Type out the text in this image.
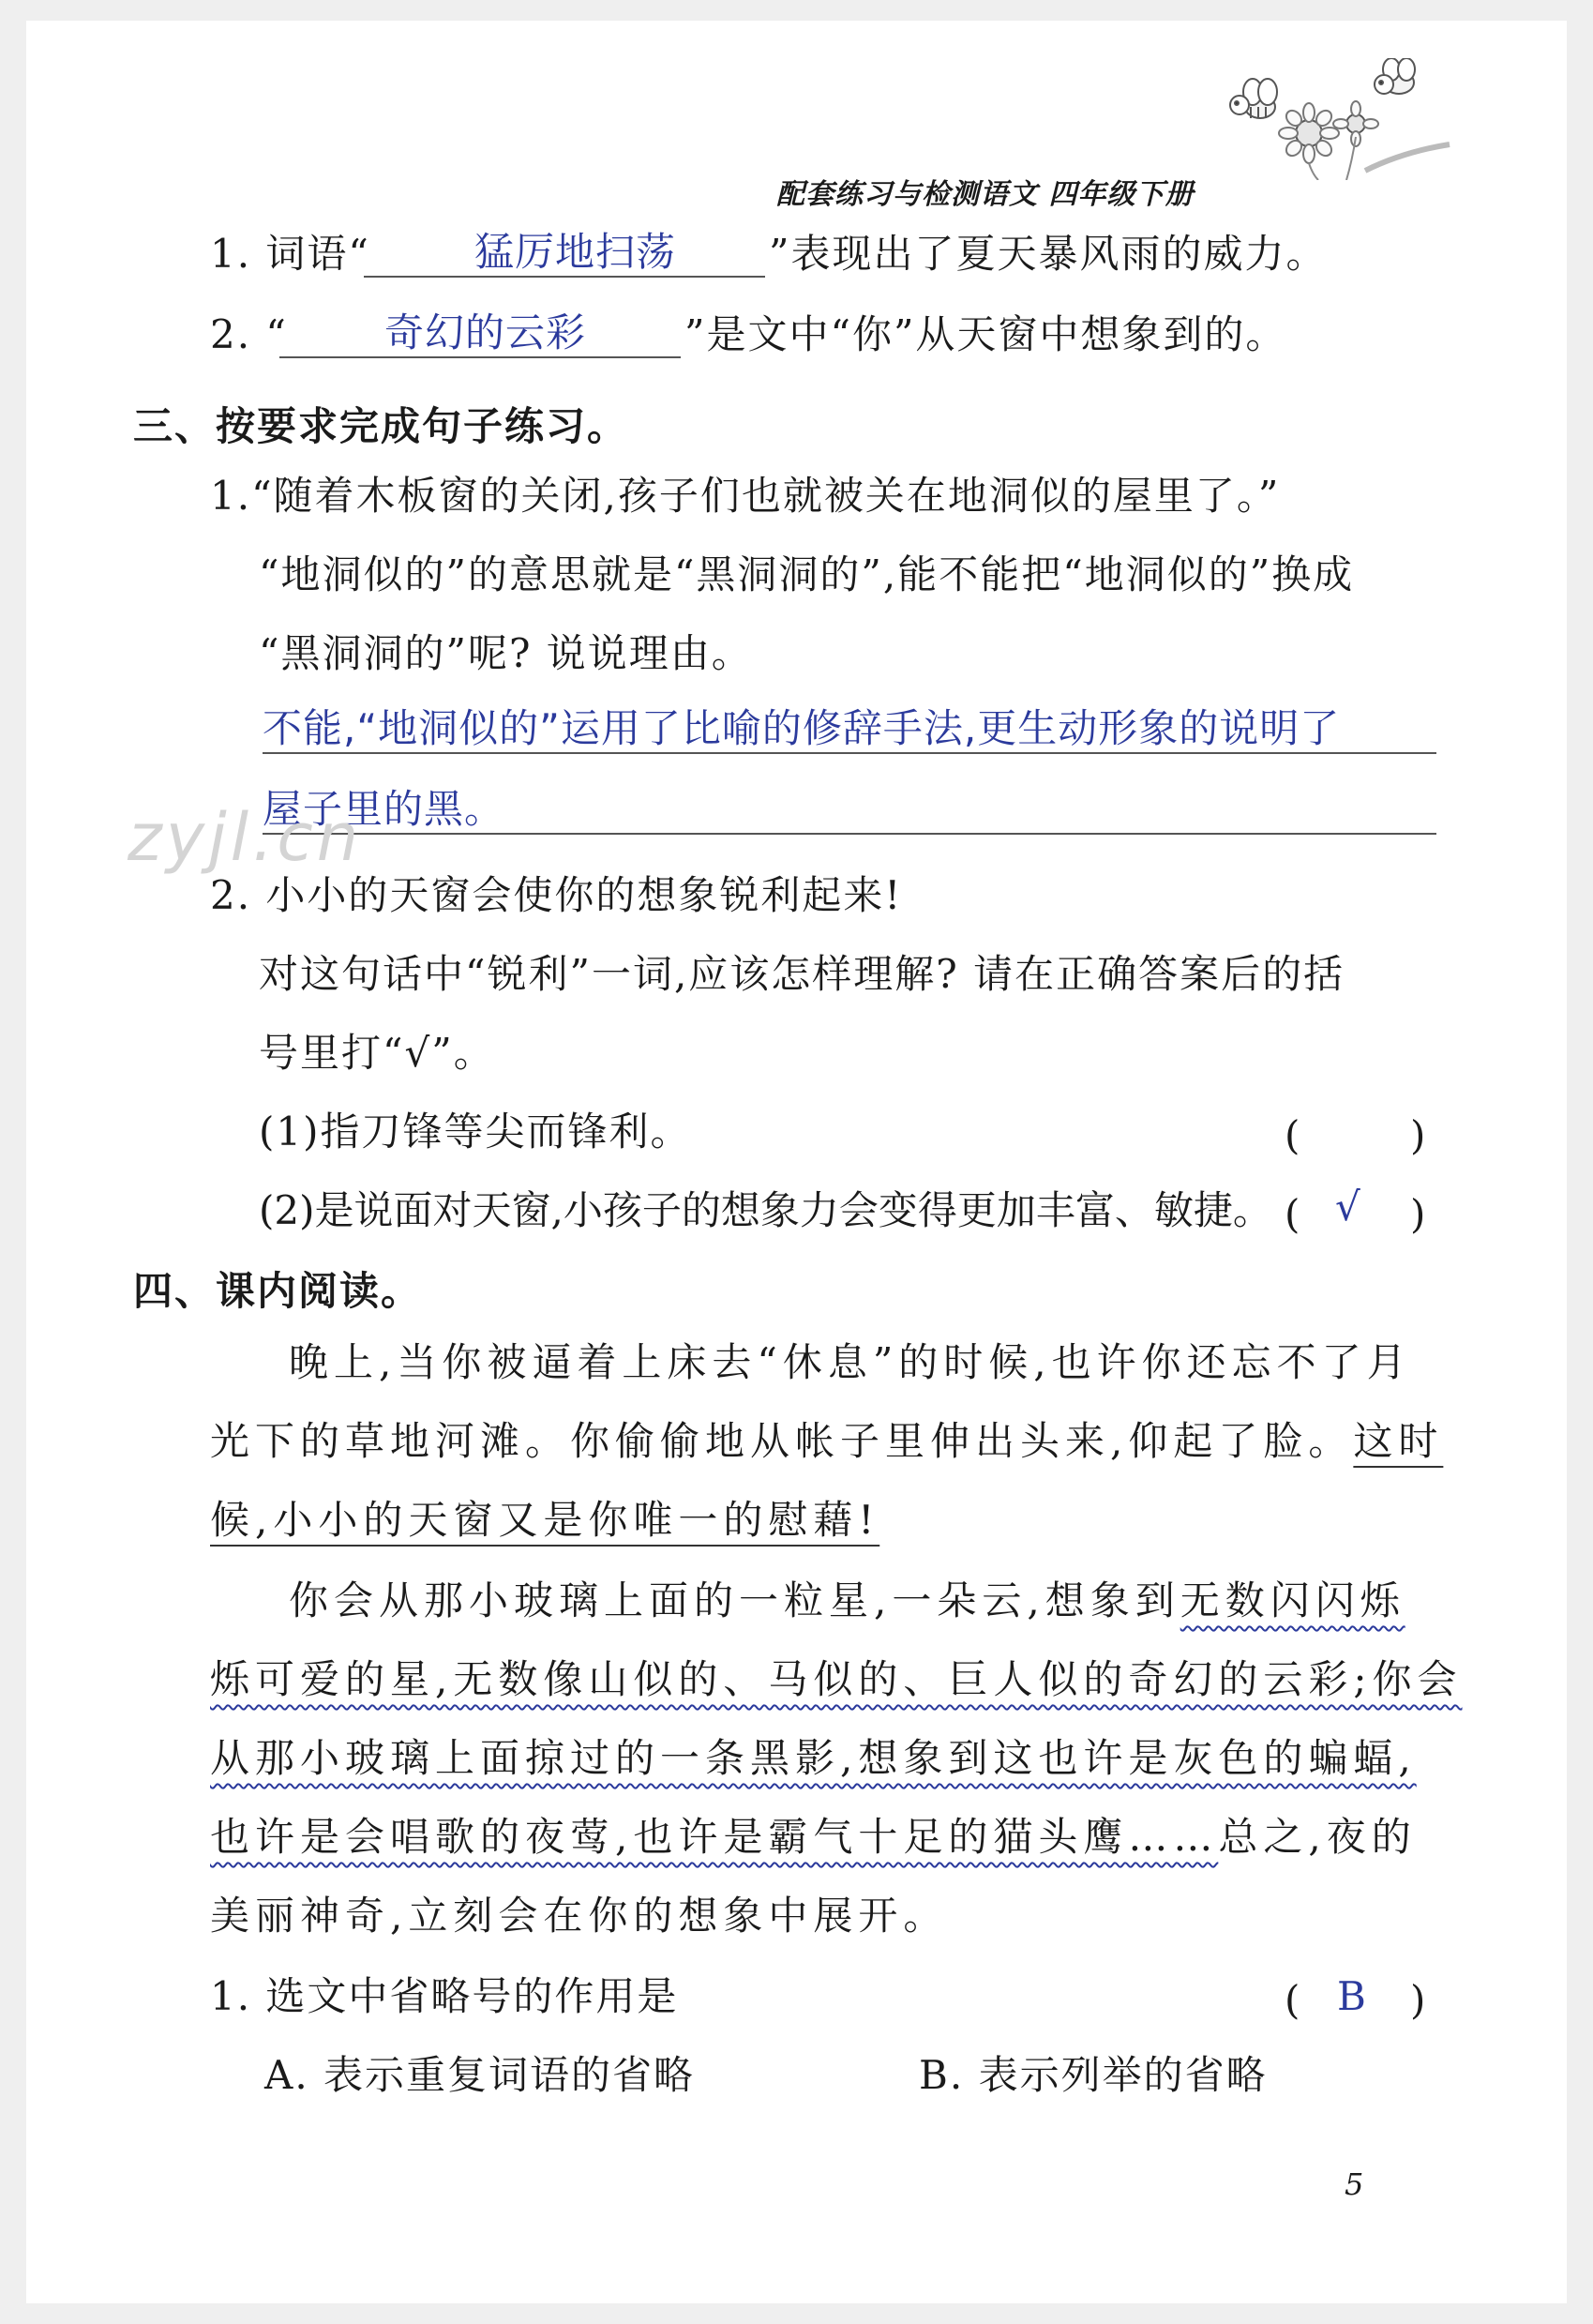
配套练习与检测语文 四年级下册
1. 词语“	猛厉地扫荡 ”表现出了夏天暴风雨的威力。
2. “ 奇幻的云彩 ”是文中“你”从天窗中想象到的。
三、按要求完成句子练习。
1.“随着木板窗的关闭,孩子们也就被关在地洞似的屋里了。”
“地洞似的”的意思就是“黑洞洞的”,能不能把“地洞似的”换成
“黑洞洞的”呢? 说说理由。
不能,“地洞似的”运用了比喻的修辞手法,更生动形象的说明了
屋子里的黑。
zyjl.cn
2. 小小的天窗会使你的想象锐利起来!
对这句话中“锐利”一词,应该怎样理解? 请在正确答案后的括
号里打“√”。
(1)指刀锋等尖而锋利。	(	)
(2)是说面对天窗,小孩子的想象力会变得更加丰富、敏捷。 ( √ )
四、课内阅读。
晚上,当你被逼着上床去“休息”的时候,也许你还忘不了月
光下的草地河滩。你偷偷地从帐子里伸出头来,仰起了脸。这时
候,小小的天窗又是你唯一的慰藉!
你会从那小玻璃上面的一粒星,一朵云,想象到无数闪闪烁
烁可爱的星,无数像山似的、马似的、巨人似的奇幻的云彩;你会
从那小玻璃上面掠过的一条黑影,想象到这也许是灰色的蝙蝠,
也许是会唱歌的夜莺,也许是霸气十足的猫头鹰……总之,夜的
美丽神奇,立刻会在你的想象中展开。
1. 选文中省略号的作用是	( B )
A. 表示重复词语的省略	B. 表示列举的省略
5
